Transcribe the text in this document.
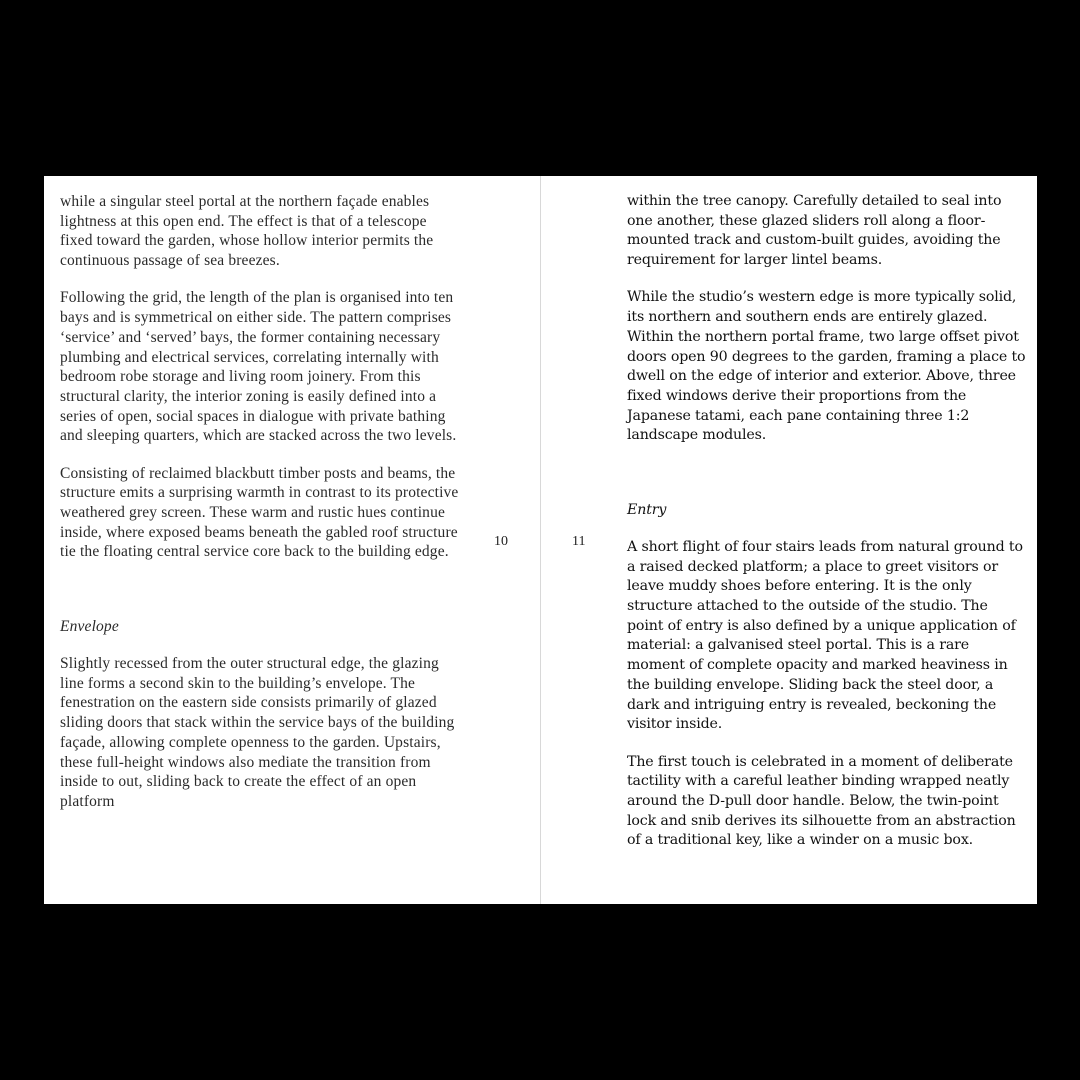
while a singular steel portal at the northern façade enables lightness at this open end. The effect is that of a telescope fixed toward the garden, whose hollow interior permits the continuous passage of sea breezes.

Following the grid, the length of the plan is organised into ten bays and is symmetrical on either side. The pattern comprises ‘service’ and ‘served’ bays, the former containing necessary plumbing and electrical services, correlating internally with bedroom robe storage and living room joinery. From this structural clarity, the interior zoning is easily defined into a series of open, social spaces in dialogue with private bathing and sleeping quarters, which are stacked across the two levels.

Consisting of reclaimed blackbutt timber posts and beams, the structure emits a surprising warmth in contrast to its protective weathered grey screen. These warm and rustic hues continue inside, where exposed beams beneath the gabled roof structure tie the floating central service core back to the building edge.

Envelope

Slightly recessed from the outer structural edge, the glazing line forms a second skin to the building’s envelope. The fenestration on the eastern side consists primarily of glazed sliding doors that stack within the service bays of the building façade, allowing complete openness to the garden. Upstairs, these full-height windows also mediate the transition from inside to out, sliding back to create the effect of an open platform

10	11

within the tree canopy. Carefully detailed to seal into one another, these glazed sliders roll along a floor-mounted track and custom-built guides, avoiding the requirement for larger lintel beams.

While the studio’s western edge is more typically solid, its northern and southern ends are entirely glazed. Within the northern portal frame, two large offset pivot doors open 90 degrees to the garden, framing a place to dwell on the edge of interior and exterior. Above, three fixed windows derive their proportions from the Japanese tatami, each pane containing three 1:2 landscape modules.

Entry

A short flight of four stairs leads from natural ground to a raised decked platform; a place to greet visitors or leave muddy shoes before entering. It is the only structure attached to the outside of the studio. The point of entry is also defined by a unique application of material: a galvanised steel portal. This is a rare moment of complete opacity and marked heaviness in the building envelope. Sliding back the steel door, a dark and intriguing entry is revealed, beckoning the visitor inside.

The first touch is celebrated in a moment of deliberate tactility with a careful leather binding wrapped neatly around the D-pull door handle. Below, the twin-point lock and snib derives its silhouette from an abstraction of a traditional key, like a winder on a music box.
